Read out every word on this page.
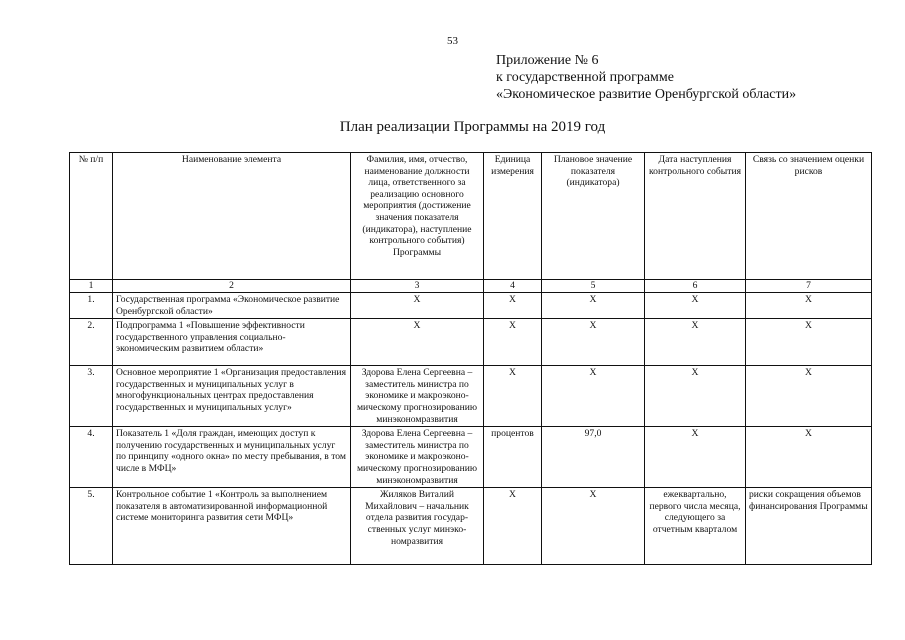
53
Приложение № 6
к государственной программе
«Экономическое развитие Оренбургской области»
План реализации Программы на 2019 год
№ п/п	Наименование элемента	Фамилия, имя, отчество, наименование должности лица, ответственного за реализацию основного мероприятия (достижение значения показателя (индикатора), наступление контрольного события) Программы	Единица измерения	Плановое значение показателя (индикатора)	Дата наступления контрольного события	Связь со значением оценки рисков
1	2	3	4	5	6	7
1.	Государственная программа «Экономическое развитие Оренбургской области»	X	X	X	X	X
2.	Подпрограмма 1 «Повышение эффективности государственного управления социально-экономическим развитием области»	X	X	X	X	X
3.	Основное мероприятие 1 «Организация предоставления государственных и муниципальных услуг в многофункциональных центрах предоставления государственных и муниципальных услуг»	Здорова Елена Сергеевна – заместитель министра по экономике и макроэкономическому прогнозированию минэкономразвития	X	X	X	X
4.	Показатель 1 «Доля граждан, имеющих доступ к получению государственных и муниципальных услуг по принципу «одного окна» по месту пребывания, в том числе в МФЦ»	Здорова Елена Сергеевна – заместитель министра по экономике и макроэкономическому прогнозированию минэкономразвития	процентов	97,0	X	X
5.	Контрольное событие 1 «Контроль за выполнением показателя в автоматизированной информационной системе мониторинга развития сети МФЦ»	Жиляков Виталий Михайлович – начальник отдела развития государственных услуг минэкономразвития	X	X	ежеквартально, первого числа месяца, следующего за отчетным кварталом	риски сокращения объемов финансирования Программы
